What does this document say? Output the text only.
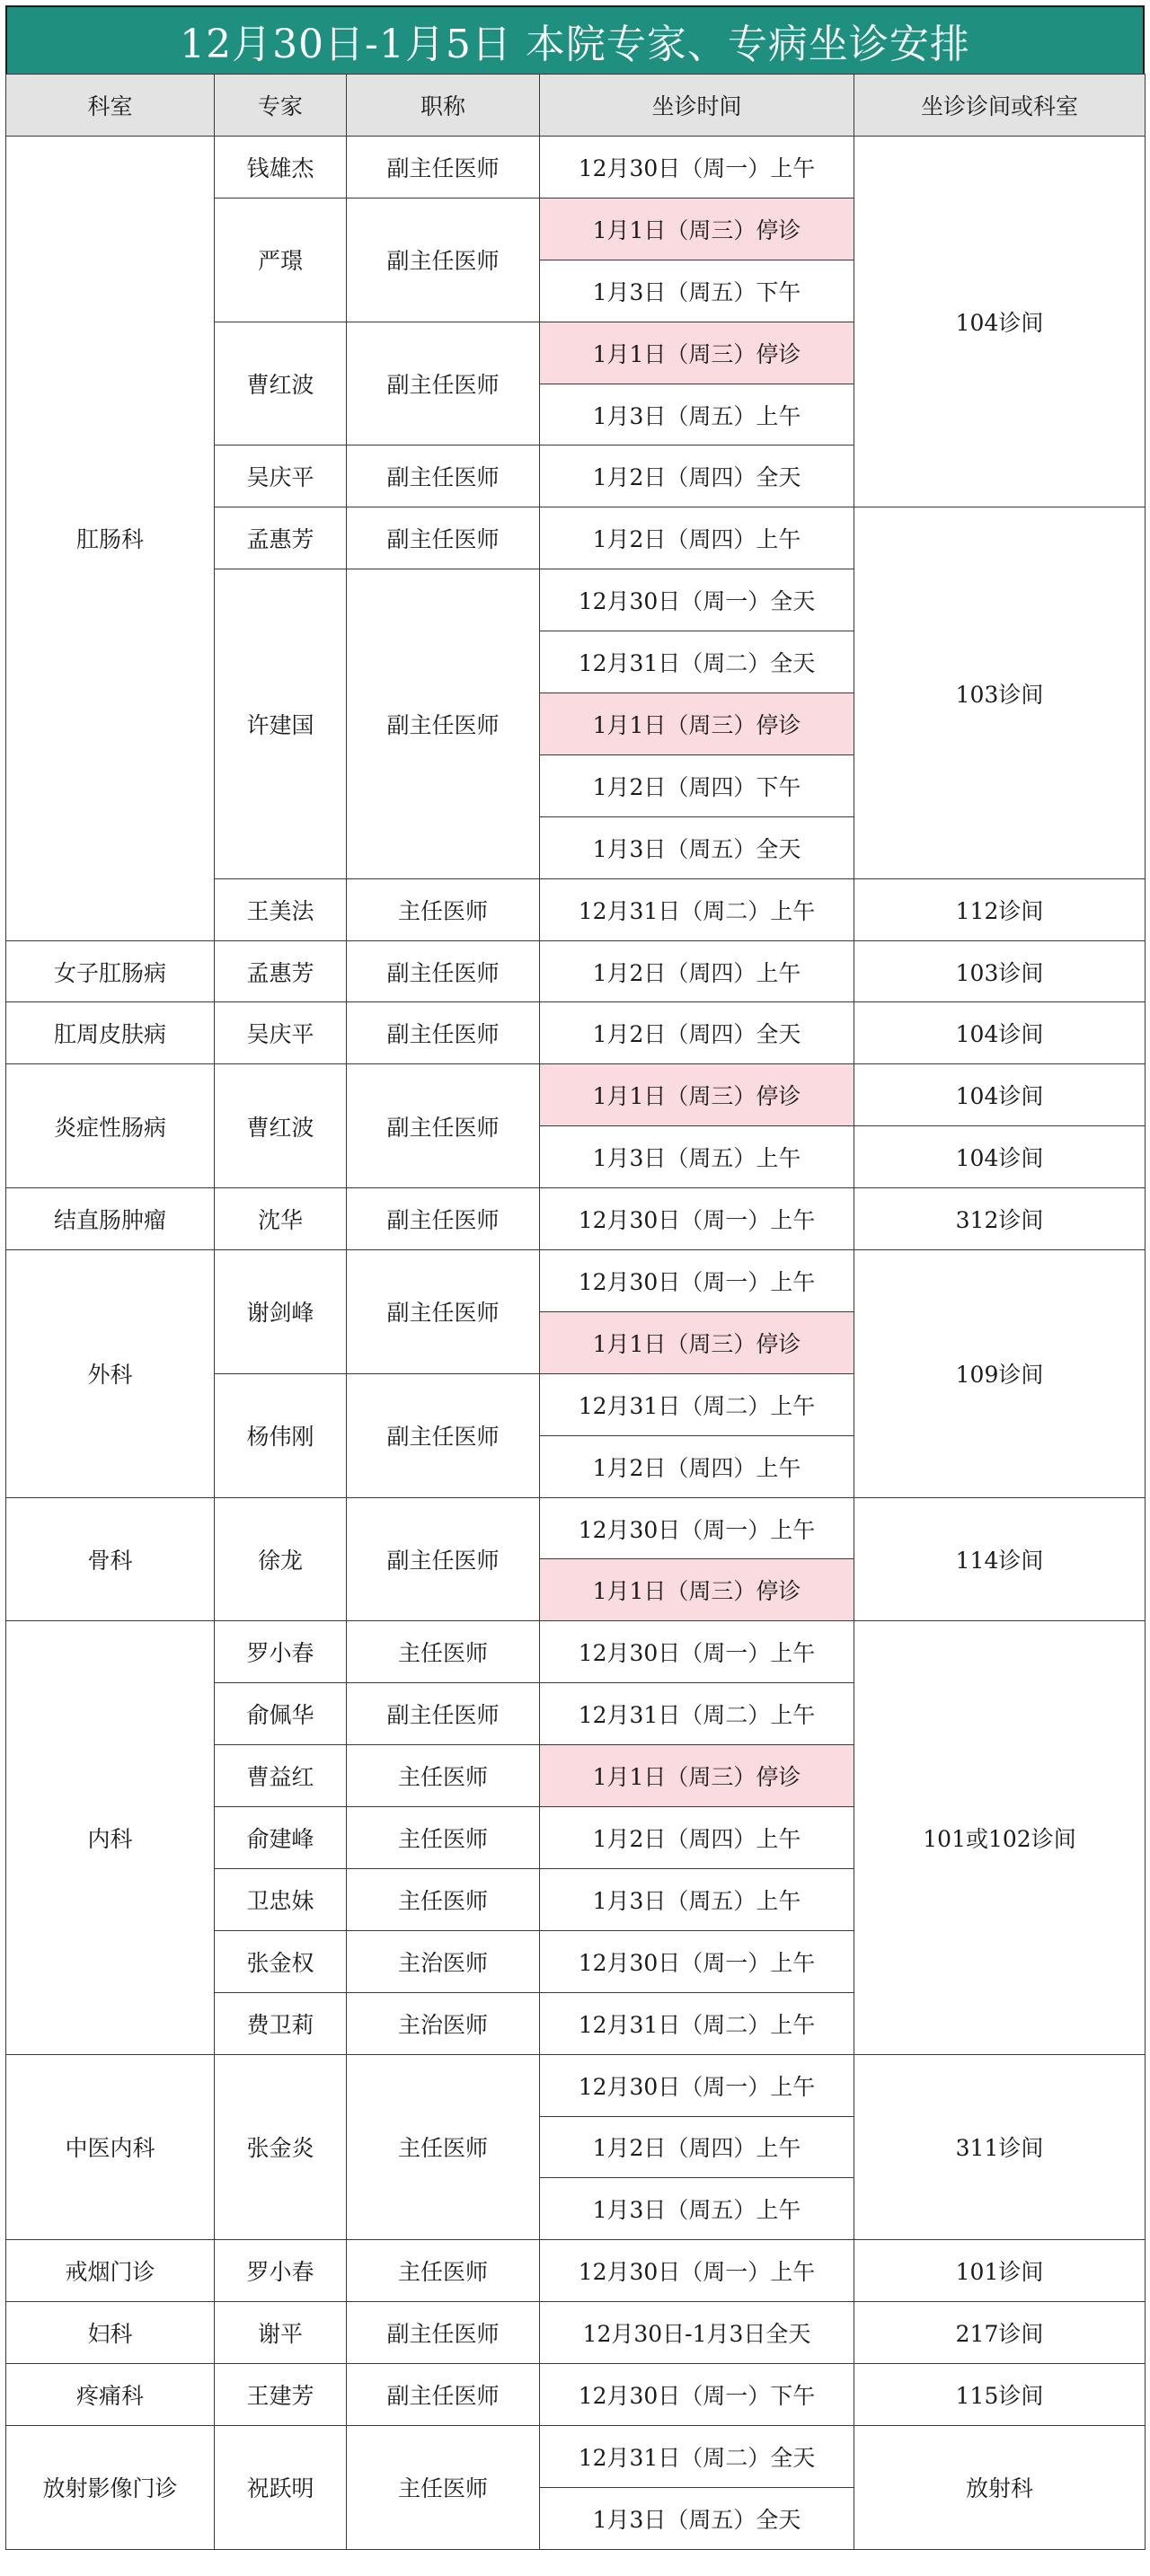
12月30日-1月5日 本院专家、专病坐诊安排
科室	专家	职称	坐诊时间	坐诊诊间或科室
肛肠科	钱雄杰	副主任医师	12月30日（周一）上午	104诊间
	严璟	副主任医师	1月1日（周三）停诊	
			1月3日（周五）下午	
	曹红波	副主任医师	1月1日（周三）停诊	
			1月3日（周五）上午	
	吴庆平	副主任医师	1月2日（周四）全天	
	孟惠芳	副主任医师	1月2日（周四）上午	103诊间
	许建国	副主任医师	12月30日（周一）全天	
			12月31日（周二）全天	
			1月1日（周三）停诊	
			1月2日（周四）下午	
			1月3日（周五）全天	
	王美法	主任医师	12月31日（周二）上午	112诊间
女子肛肠病	孟惠芳	副主任医师	1月2日（周四）上午	103诊间
肛周皮肤病	吴庆平	副主任医师	1月2日（周四）全天	104诊间
炎症性肠病	曹红波	副主任医师	1月1日（周三）停诊	104诊间
			1月3日（周五）上午	104诊间
结直肠肿瘤	沈华	副主任医师	12月30日（周一）上午	312诊间
外科	谢剑峰	副主任医师	12月30日（周一）上午	109诊间
			1月1日（周三）停诊	
	杨伟刚	副主任医师	12月31日（周二）上午	
			1月2日（周四）上午	
骨科	徐龙	副主任医师	12月30日（周一）上午	114诊间
			1月1日（周三）停诊	
内科	罗小春	主任医师	12月30日（周一）上午	101或102诊间
	俞佩华	副主任医师	12月31日（周二）上午	
	曹益红	主任医师	1月1日（周三）停诊	
	俞建峰	主任医师	1月2日（周四）上午	
	卫忠妹	主任医师	1月3日（周五）上午	
	张金权	主治医师	12月30日（周一）上午	
	费卫莉	主治医师	12月31日（周二）上午	
中医内科	张金炎	主任医师	12月30日（周一）上午	311诊间
			1月2日（周四）上午	
			1月3日（周五）上午	
戒烟门诊	罗小春	主任医师	12月30日（周一）上午	101诊间
妇科	谢平	副主任医师	12月30日-1月3日全天	217诊间
疼痛科	王建芳	副主任医师	12月30日（周一）下午	115诊间
放射影像门诊	祝跃明	主任医师	12月31日（周二）全天	放射科
			1月3日（周五）全天	
